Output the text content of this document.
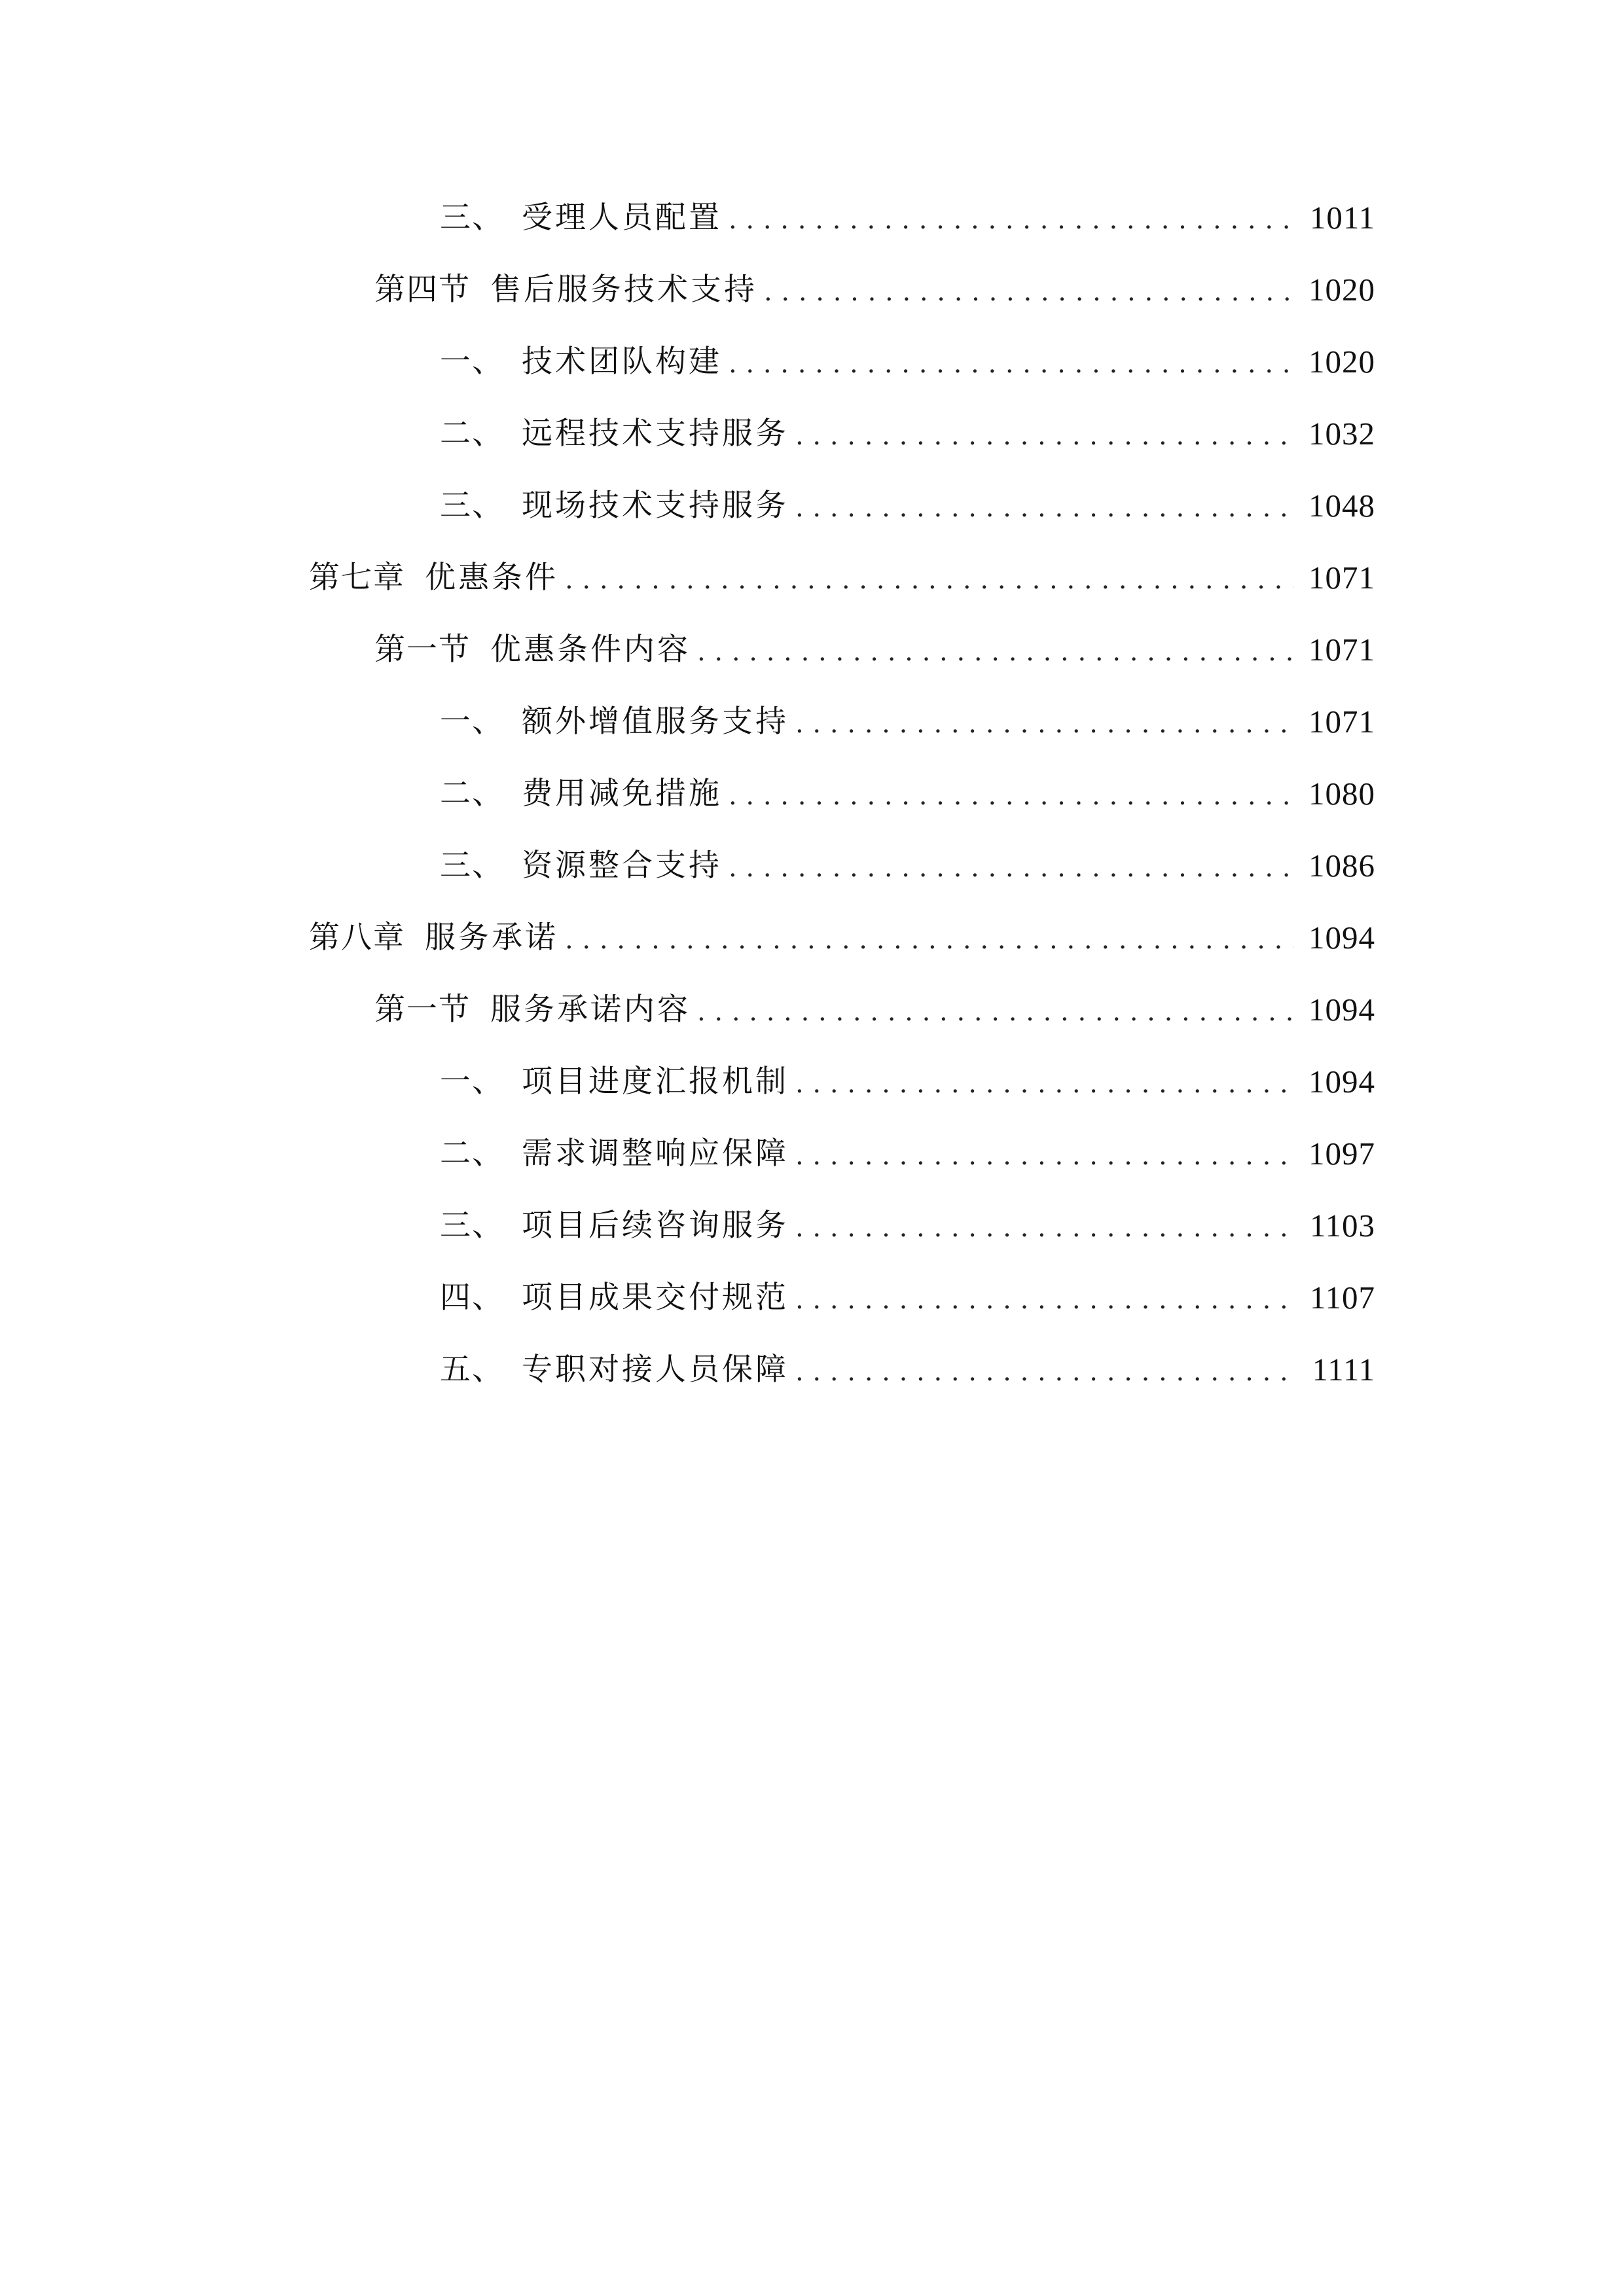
三、 受理人员配置 . . .	1011
第四节 售后服务技术支持 . . .	1020
一、 技术团队构建 . . .	1020
二、 远程技术支持服务 . . .	1032
三、 现场技术支持服务 . . .	1048
第七章 优惠条件 . . .	1071
第一节 优惠条件内容 . . .	1071
一、 额外增值服务支持 . . .	1071
二、 费用减免措施 . . .	1080
三、 资源整合支持 . . .	1086
第八章 服务承诺 . . .	1094
第一节 服务承诺内容 . . .	1094
一、 项目进度汇报机制 . . .	1094
二、 需求调整响应保障 . . .	1097
三、 项目后续咨询服务 . . .	1103
四、 项目成果交付规范 . . .	1107
五、 专职对接人员保障 . . .	1111
